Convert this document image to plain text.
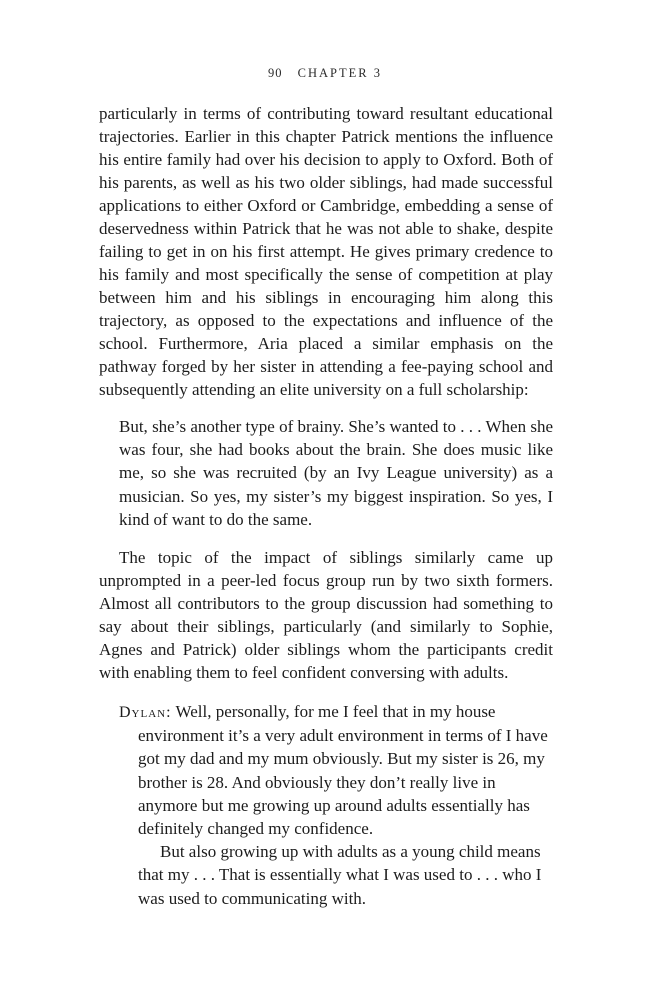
90 CHAPTER 3

particularly in terms of contributing toward resultant educational trajectories. Earlier in this chapter Patrick mentions the influence his entire family had over his decision to apply to Oxford. Both of his parents, as well as his two older siblings, had made successful applications to either Oxford or Cambridge, embedding a sense of deservedness within Patrick that he was not able to shake, despite failing to get in on his first attempt. He gives primary credence to his family and most specifically the sense of competition at play between him and his siblings in encouraging him along this trajectory, as opposed to the expectations and influence of the school. Furthermore, Aria placed a similar emphasis on the pathway forged by her sister in attending a fee-paying school and subsequently attending an elite university on a full scholarship:

But, she’s another type of brainy. She’s wanted to . . . When she was four, she had books about the brain. She does music like me, so she was recruited (by an Ivy League university) as a musician. So yes, my sister’s my biggest inspiration. So yes, I kind of want to do the same.

The topic of the impact of siblings similarly came up unprompted in a peer-led focus group run by two sixth formers. Almost all contributors to the group discussion had something to say about their siblings, particularly (and similarly to Sophie, Agnes and Patrick) older siblings whom the participants credit with enabling them to feel confident conversing with adults.

Dylan: Well, personally, for me I feel that in my house environment it’s a very adult environment in terms of I have got my dad and my mum obviously. But my sister is 26, my brother is 28. And obviously they don’t really live in anymore but me growing up around adults essentially has definitely changed my confidence.

But also growing up with adults as a young child means that my . . . That is essentially what I was used to . . . who I was used to communicating with.
